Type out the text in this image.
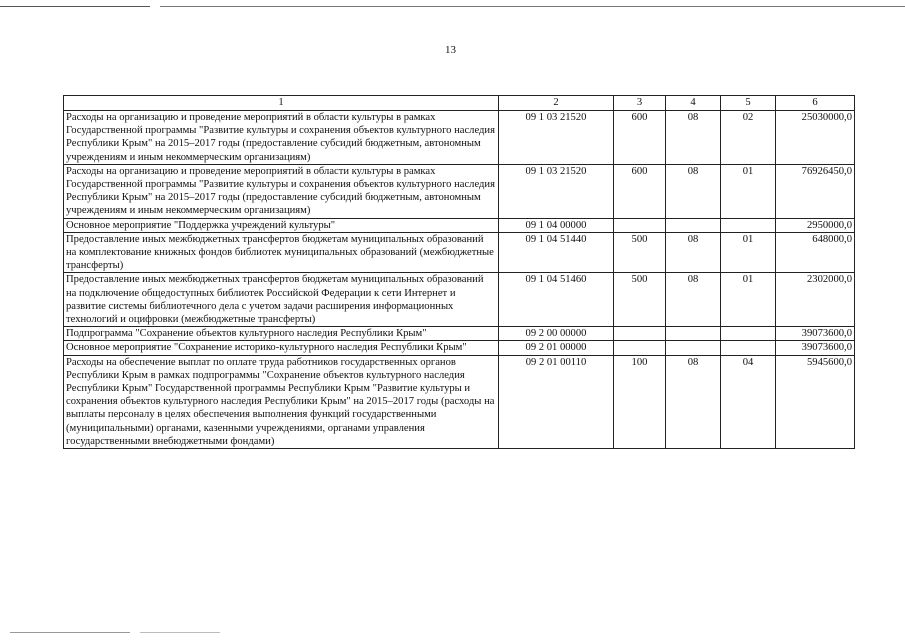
13
1	2	3	4	5	6
Расходы на организацию и проведение мероприятий в области культуры в рамках Государственной программы "Развитие культуры и сохранения объектов культурного наследия Республики Крым" на 2015–2017 годы (предоставление субсидий бюджетным, автономным учреждениям и иным некоммерческим организациям)	09 1 03 21520	600	08	02	25030000,0
Расходы на организацию и проведение мероприятий в области культуры в рамках Государственной программы "Развитие культуры и сохранения объектов культурного наследия Республики Крым" на 2015–2017 годы (предоставление субсидий бюджетным, автономным учреждениям и иным некоммерческим организациям)	09 1 03 21520	600	08	01	76926450,0
Основное мероприятие "Поддержка учреждений культуры"	09 1 04 00000				2950000,0
Предоставление иных межбюджетных трансфертов бюджетам муниципальных образований на комплектование книжных фондов библиотек муниципальных образований (межбюджетные трансферты)	09 1 04 51440	500	08	01	648000,0
Предоставление иных межбюджетных трансфертов бюджетам муниципальных образований на подключение общедоступных библиотек Российской Федерации к сети Интернет и развитие системы библиотечного дела с учетом задачи расширения информационных технологий и оцифровки (межбюджетные трансферты)	09 1 04 51460	500	08	01	2302000,0
Подпрограмма "Сохранение объектов культурного наследия Республики Крым"	09 2 00 00000				39073600,0
Основное мероприятие "Сохранение историко-культурного наследия Республики Крым"	09 2 01 00000				39073600,0
Расходы на обеспечение выплат по оплате труда работников государственных органов Республики Крым в рамках подпрограммы "Сохранение объектов культурного наследия Республики Крым" Государственной программы Республики Крым "Развитие культуры и сохранения объектов культурного наследия Республики Крым" на 2015–2017 годы (расходы на выплаты персоналу в целях обеспечения выполнения функций государственными (муниципальными) органами, казенными учреждениями, органами управления государственными внебюджетными фондами)	09 2 01 00110	100	08	04	5945600,0
